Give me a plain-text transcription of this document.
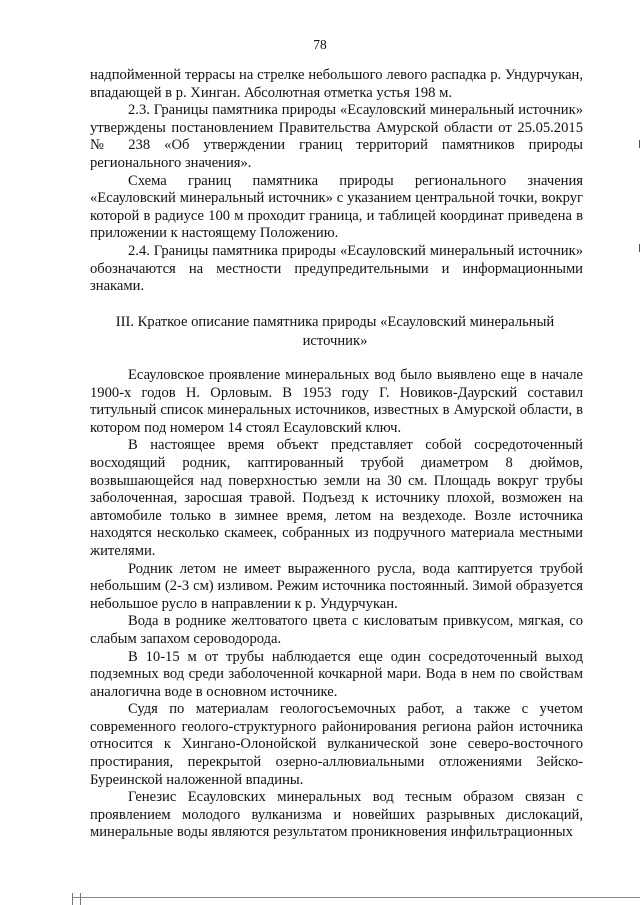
78

надпойменной террасы на стрелке небольшого левого распадка р. Ундурчукан, впадающей в р. Хинган. Абсолютная отметка устья 198 м.

2.3. Границы памятника природы «Есауловский минеральный источник» утверждены постановлением Правительства Амурской области от 25.05.2015 № 238 «Об утверждении границ территорий памятников природы регионального значения».

Схема границ памятника природы регионального значения «Есауловский минеральный источник» с указанием центральной точки, вокруг которой в радиусе 100 м проходит граница, и таблицей координат приведена в приложении к настоящему Положению.

2.4. Границы памятника природы «Есауловский минеральный источник» обозначаются на местности предупредительными и информационными знаками.

III. Краткое описание памятника природы «Есауловский минеральный источник»

Есауловское проявление минеральных вод было выявлено еще в начале 1900-х годов Н. Орловым. В 1953 году Г. Новиков-Даурский составил титульный список минеральных источников, известных в Амурской области, в котором под номером 14 стоял Есауловский ключ.

В настоящее время объект представляет собой сосредоточенный восходящий родник, каптированный трубой диаметром 8 дюймов, возвышающейся над поверхностью земли на 30 см. Площадь вокруг трубы заболоченная, заросшая травой. Подъезд к источнику плохой, возможен на автомобиле только в зимнее время, летом на вездеходе. Возле источника находятся несколько скамеек, собранных из подручного материала местными жителями.

Родник летом не имеет выраженного русла, вода каптируется трубой небольшим (2-3 см) изливом. Режим источника постоянный. Зимой образуется небольшое русло в направлении к р. Ундурчукан.

Вода в роднике желтоватого цвета с кисловатым привкусом, мягкая, со слабым запахом сероводорода.

В 10-15 м от трубы наблюдается еще один сосредоточенный выход подземных вод среди заболоченной кочкарной мари. Вода в нем по свойствам аналогична воде в основном источнике.

Судя по материалам геологосъемочных работ, а также с учетом современного геолого-структурного районирования региона район источника относится к Хингано-Олонойской вулканической зоне северо-восточного простирания, перекрытой озерно-аллювиальными отложениями Зейско-Буреинской наложенной впадины.

Генезис Есауловских минеральных вод тесным образом связан с проявлением молодого вулканизма и новейших разрывных дислокаций, минеральные воды являются результатом проникновения инфильтрационных
